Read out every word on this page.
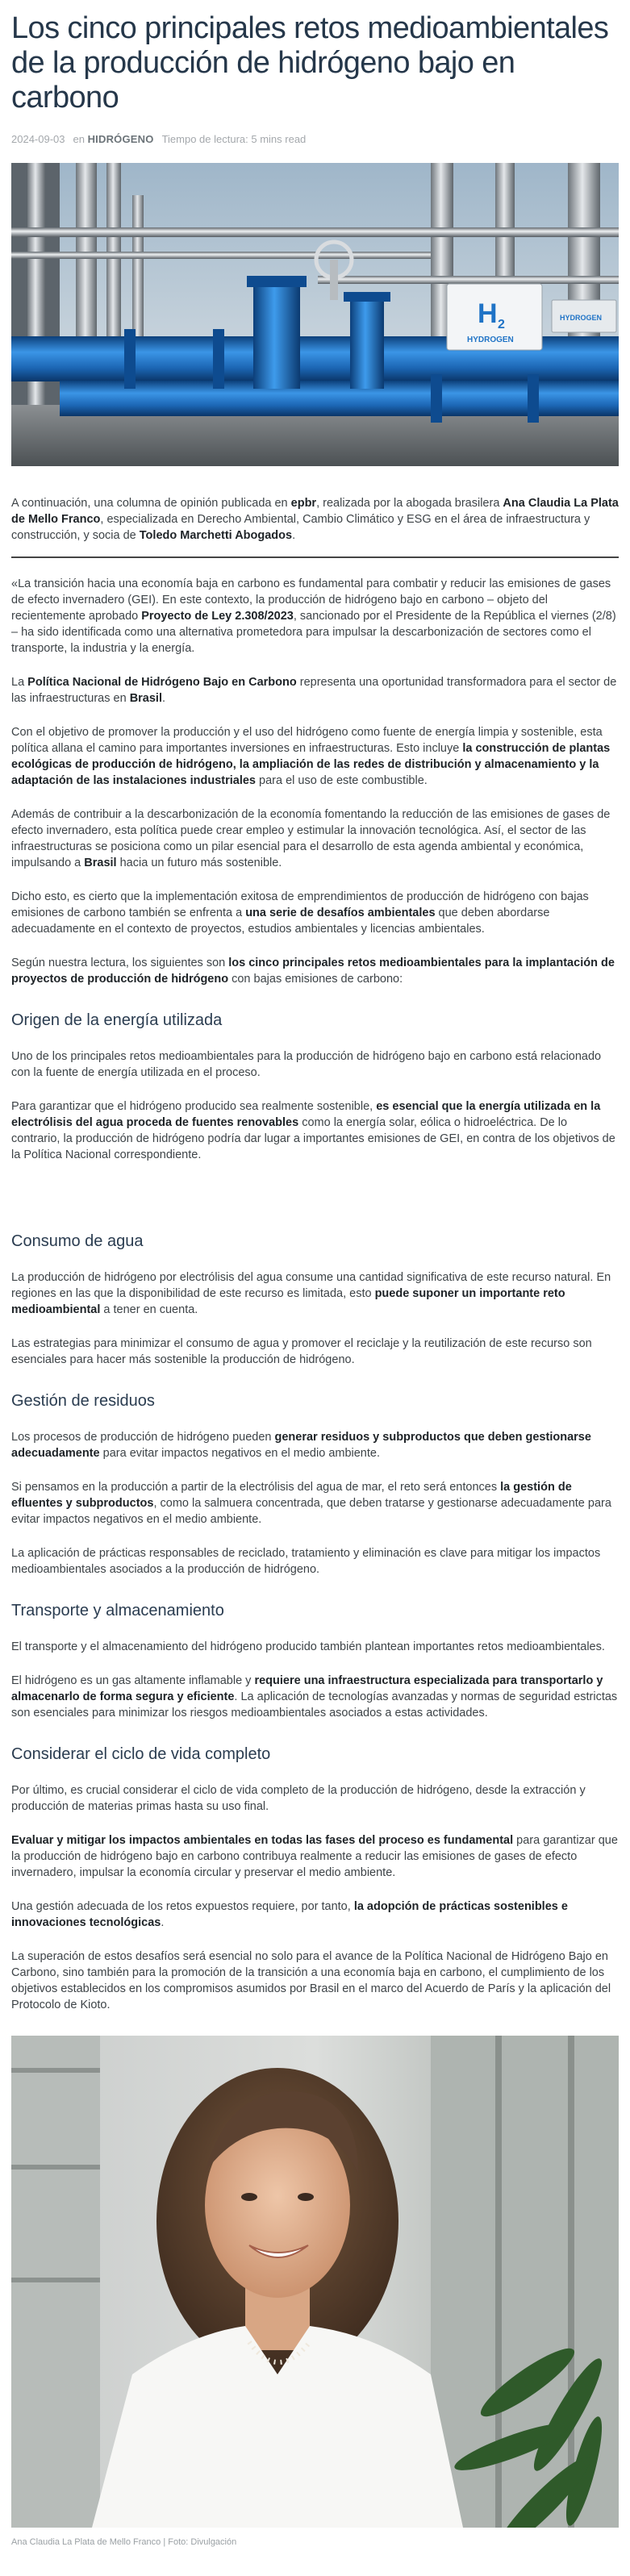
Los cinco principales retos medioambientales de la producción de hidrógeno bajo en carbono
2024-09-03 en HIDRÓGENO Tiempo de lectura: 5 mins read
H 2
HYDROGEN
HYDROGEN

A continuación, una columna de opinión publicada en epbr, realizada por la abogada brasilera Ana Claudia La Plata de Mello Franco, especializada en Derecho Ambiental, Cambio Climático y ESG en el área de infraestructura y construcción, y socia de Toledo Marchetti Abogados.

«La transición hacia una economía baja en carbono es fundamental para combatir y reducir las emisiones de gases de efecto invernadero (GEI). En este contexto, la producción de hidrógeno bajo en carbono – objeto del recientemente aprobado Proyecto de Ley 2.308/2023, sancionado por el Presidente de la República el viernes (2/8) – ha sido identificada como una alternativa prometedora para impulsar la descarbonización de sectores como el transporte, la industria y la energía.

La Política Nacional de Hidrógeno Bajo en Carbono representa una oportunidad transformadora para el sector de las infraestructuras en Brasil.

Con el objetivo de promover la producción y el uso del hidrógeno como fuente de energía limpia y sostenible, esta política allana el camino para importantes inversiones en infraestructuras. Esto incluye la construcción de plantas ecológicas de producción de hidrógeno, la ampliación de las redes de distribución y almacenamiento y la adaptación de las instalaciones industriales para el uso de este combustible.

Además de contribuir a la descarbonización de la economía fomentando la reducción de las emisiones de gases de efecto invernadero, esta política puede crear empleo y estimular la innovación tecnológica. Así, el sector de las infraestructuras se posiciona como un pilar esencial para el desarrollo de esta agenda ambiental y económica, impulsando a Brasil hacia un futuro más sostenible.

Dicho esto, es cierto que la implementación exitosa de emprendimientos de producción de hidrógeno con bajas emisiones de carbono también se enfrenta a una serie de desafíos ambientales que deben abordarse adecuadamente en el contexto de proyectos, estudios ambientales y licencias ambientales.

Según nuestra lectura, los siguientes son los cinco principales retos medioambientales para la implantación de proyectos de producción de hidrógeno con bajas emisiones de carbono:

Origen de la energía utilizada

Uno de los principales retos medioambientales para la producción de hidrógeno bajo en carbono está relacionado con la fuente de energía utilizada en el proceso.

Para garantizar que el hidrógeno producido sea realmente sostenible, es esencial que la energía utilizada en la electrólisis del agua proceda de fuentes renovables como la energía solar, eólica o hidroeléctrica. De lo contrario, la producción de hidrógeno podría dar lugar a importantes emisiones de GEI, en contra de los objetivos de la Política Nacional correspondiente.

Consumo de agua

La producción de hidrógeno por electrólisis del agua consume una cantidad significativa de este recurso natural. En regiones en las que la disponibilidad de este recurso es limitada, esto puede suponer un importante reto medioambiental a tener en cuenta.

Las estrategias para minimizar el consumo de agua y promover el reciclaje y la reutilización de este recurso son esenciales para hacer más sostenible la producción de hidrógeno.

Gestión de residuos

Los procesos de producción de hidrógeno pueden generar residuos y subproductos que deben gestionarse adecuadamente para evitar impactos negativos en el medio ambiente.

Si pensamos en la producción a partir de la electrólisis del agua de mar, el reto será entonces la gestión de efluentes y subproductos, como la salmuera concentrada, que deben tratarse y gestionarse adecuadamente para evitar impactos negativos en el medio ambiente.

La aplicación de prácticas responsables de reciclado, tratamiento y eliminación es clave para mitigar los impactos medioambientales asociados a la producción de hidrógeno.

Transporte y almacenamiento

El transporte y el almacenamiento del hidrógeno producido también plantean importantes retos medioambientales.

El hidrógeno es un gas altamente inflamable y requiere una infraestructura especializada para transportarlo y almacenarlo de forma segura y eficiente. La aplicación de tecnologías avanzadas y normas de seguridad estrictas son esenciales para minimizar los riesgos medioambientales asociados a estas actividades.

Considerar el ciclo de vida completo

Por último, es crucial considerar el ciclo de vida completo de la producción de hidrógeno, desde la extracción y producción de materias primas hasta su uso final.

Evaluar y mitigar los impactos ambientales en todas las fases del proceso es fundamental para garantizar que la producción de hidrógeno bajo en carbono contribuya realmente a reducir las emisiones de gases de efecto invernadero, impulsar la economía circular y preservar el medio ambiente.

Una gestión adecuada de los retos expuestos requiere, por tanto, la adopción de prácticas sostenibles e innovaciones tecnológicas.

La superación de estos desafíos será esencial no solo para el avance de la Política Nacional de Hidrógeno Bajo en Carbono, sino también para la promoción de la transición a una economía baja en carbono, el cumplimiento de los objetivos establecidos en los compromisos asumidos por Brasil en el marco del Acuerdo de París y la aplicación del Protocolo de Kioto.

Ana Claudia La Plata de Mello Franco | Foto: Divulgación
